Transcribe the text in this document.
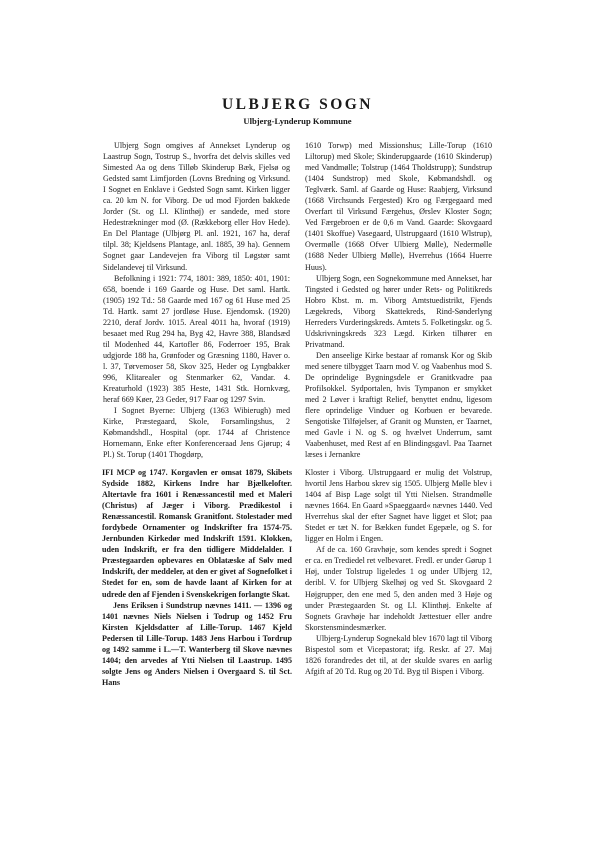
ULBJERG SOGN
Ulbjerg-Lynderup Kommune

Ulbjerg Sogn omgives af Annekset Lynderup og Laastrup Sogn, Tostrup S., hvorfra det delvis skilles ved Simested Aa og dens Tilløb Skinderup Bæk, Fjelsø og Gedsted samt Limfjorden (Lovns Bredning og Virksund. I Sognet en Enklave i Gedsted Sogn samt. Kirken ligger ca. 20 km N. for Viborg. De ud mod Fjorden bakkede Jorder (St. og Ll. Klinthøj) er sandede, med store Hedestrækninger mod (Ø. (Rækkeborg eller Hov Hede). En Del Plantage (Ulbjørg Pl. anl. 1921, 167 ha, deraf tilpl. 38; Kjeldsens Plantage, anl. 1885, 39 ha). Gennem Sognet gaar Landevejen fra Viborg til Løgstør samt Sidelandevej til Virksund.

Befolkning i 1921: 774, 1801: 389, 1850: 401, 1901: 658, boende i 169 Gaarde og Huse. Det saml. Hartk. (1905) 192 Td.: 58 Gaarde med 167 og 61 Huse med 25 Td. Hartk. samt 27 jordløse Huse. Ejendomsk. (1920) 2210, deraf Jordv. 1015. Areal 4011 ha, hvoraf (1919) besaaet med Rug 294 ha, Byg 42, Havre 388, Blandsæd til Modenhed 44, Kartofler 86, Foderroer 195, Brak udgjorde 188 ha, Grønfoder og Græsning 1180, Haver o. l. 37, Tørvemoser 58, Skov 325, Heder og Lyngbakker 996, Klitarealer og Stenmarker 62, Vandar. 4. Kreaturhold (1923) 385 Heste, 1431 Stk. Hornkvæg, heraf 669 Køer, 23 Geder, 917 Faar og 1297 Svin.

I Sognet Byerne: Ulbjerg (1363 Wibierugh) med Kirke, Præstegaard, Skole, Forsamlingshus, 2 Købmandshdl., Hospital (opr. 1744 af Christence Hornemann, Enke efter Konferenceraad Jens Gjørup; 4 Pl.) St. Torup (1401 Thogdørp,

1610 Torwp) med Missionshus; Lille-Torup (1610 Liltorup) med Skole; Skinderupgaarde (1610 Skinderup) med Vandmølle; Tolstrup (1464 Tholdstrupp); Sundstrup (1404 Sundstrop) med Skole, Købmandshdl. og Teglværk. Saml. af Gaarde og Huse: Raabjerg, Virksund (1668 Virchsunds Fergested) Kro og Færgegaard med Overfart til Virksund Færgehus, Ørslev Kloster Sogn; Ved Færgebroen er de 0,6 m Vand. Gaarde: Skovgaard (1401 Skoffue) Vasegaard, Ulstrupgaard (1610 Wlstrup), Overmølle (1668 Ofver Ulbierg Mølle), Nedermølle (1688 Neder Ulbierg Mølle), Hverrehus (1664 Huerre Huus).

Ulbjerg Sogn, een Sognekommune med Annekset, har Tingsted i Gedsted og hører under Rets- og Politikreds Hobro Kbst. m. m. Viborg Amtstuedistrikt, Fjends Lægekreds, Viborg Skattekreds, Rind-Sønderlyng Herreders Vurderingskreds. Amtets 5. Folketingskr. og 5. Udskrivningskreds 323 Lægd. Kirken tilhører en Privatmand.

Den anseelige Kirke bestaar af romansk Kor og Skib med senere tilbygget Taarn mod V. og Vaabenhus mod S. De oprindelige Bygningsdele er Granitkvadre paa Profilsokkel. Sydportalen, hvis Tympanon er smykket med 2 Løver i kraftigt Relief, benyttet endnu, ligesom flere oprindelige Vinduer og Korbuen er bevarede. Sengotiske Tilføjelser, af Granit og Munsten, er Taarnet, med Gavle i N. og S. og hvælvet Underrum, samt Vaabenhuset, med Rest af en Blindingsgavl. Paa Taarnet læses i Jernankre

IFI MCP og 1747. Korgavlen er omsat 1879, Skibets Sydside 1882, Kirkens Indre har Bjælkelofter. Altertavle fra 1601 i Renæssancestil med et Maleri (Christus) af Jæger i Viborg. Prædikestol i Renæssancestil. Romansk Granitfont. Stolestader med fordybede Ornamenter og Indskrifter fra 1574-75. Jernbunden Kirkedør med Indskrift 1591. Klokken, uden Indskrift, er fra den tidligere Middelalder. I Præstegaarden opbevares en Oblatæske af Sølv med Indskrift, der meddeler, at den er givet af Sognefolket i Stedet for en, som de havde laant af Kirken for at udrede den af Fjenden i Svenskekrigen forlangte Skat.

Jens Eriksen i Sundstrup nævnes 1411. — 1396 og 1401 nævnes Niels Nielsen i Todrup og 1452 Fru Kirsten Kjeldsdatter af Lille-Torup. 1467 Kjeld Pedersen til Lille-Torup. 1483 Jens Harbou i Tordrup og 1492 samme i L.—T. Wanterberg til Skove nævnes 1404; den arvedes af Ytti Nielsen til Laastrup. 1495 solgte Jens og Anders Nielsen i Overgaard S. til Sct. Hans

Kloster i Viborg. Ulstrupgaard er mulig det Volstrup, hvortil Jens Harbou skrev sig 1505. Ulbjerg Mølle blev i 1404 af Bisp Lage solgt til Ytti Nielsen. Strandmølle nævnes 1664. En Gaard »Spaeggaard« nævnes 1440. Ved Hverrehus skal der efter Sagnet have ligget et Slot; paa Stedet er tæt N. for Bækken fundet Egepæle, og S. for ligger en Holm i Engen.

Af de ca. 160 Gravhøje, som kendes spredt i Sognet er ca. en Trediedel ret velbevaret. Fredl. er under Gørup 1 Høj, under Tolstrup ligeledes 1 og under Ulbjerg 12, deribl. V. for Ulbjerg Skelhøj og ved St. Skovgaard 2 Højgrupper, den ene med 5, den anden med 3 Høje og under Præstegaarden St. og Ll. Klinthøj. Enkelte af Sognets Gravhøje har indeholdt Jættestuer eller andre Skorstensmindesmærker.

Ulbjerg-Lynderup Sognekald blev 1670 lagt til Viborg Bispestol som et Vicepastorat; ifg. Reskr. af 27. Maj 1826 forandredes det til, at der skulde svares en aarlig Afgift af 20 Td. Rug og 20 Td. Byg til Bispen i Viborg.
